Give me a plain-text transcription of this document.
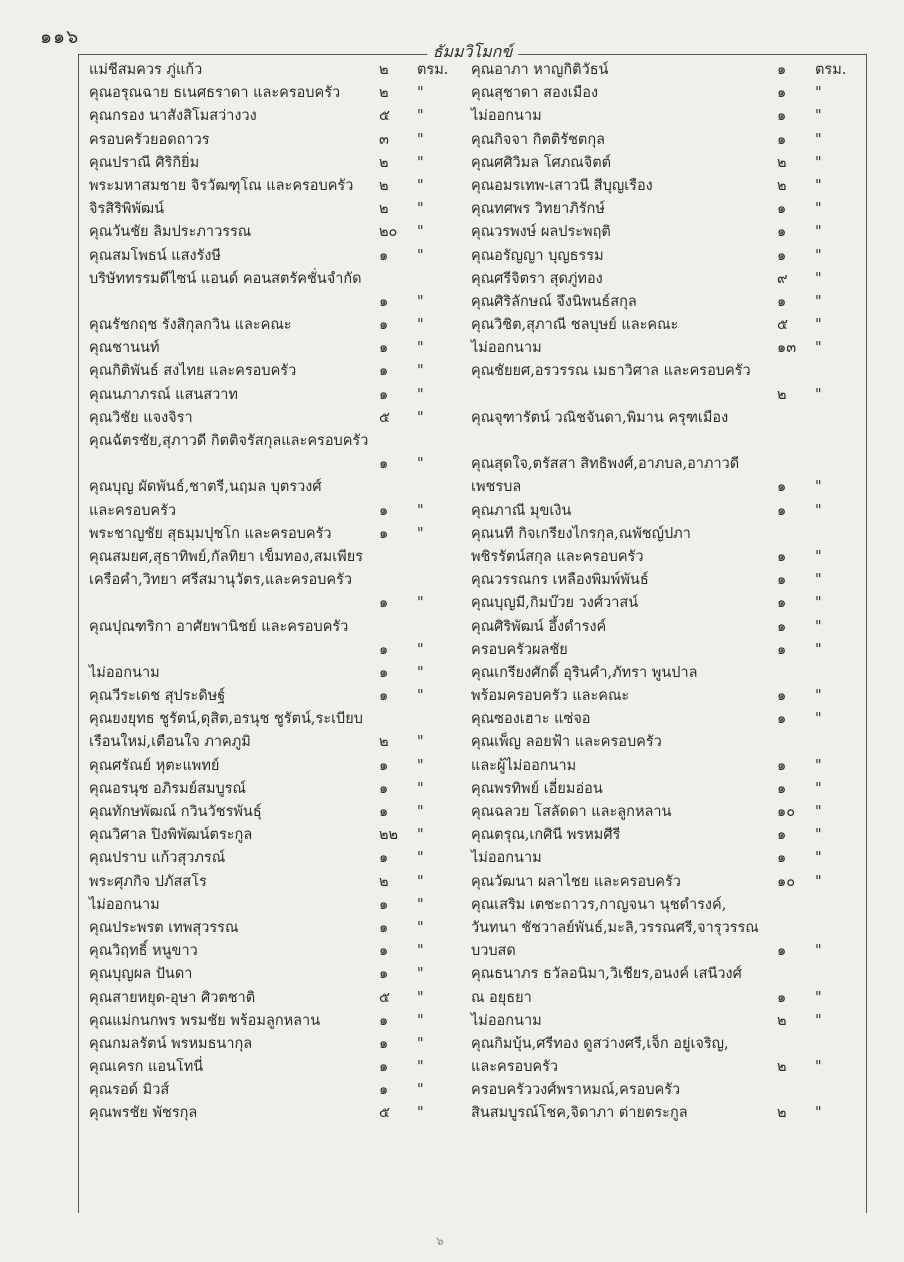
๑๑๖
ธัมมวิโมกข์
แม่ชีสมควร ภู่แก้ว	๒	ตรม.
คุณอรุณฉาย ธเนศธราดา และครอบครัว	๒	"
คุณกรอง นาสังสิโมสว่างวง	๕	"
ครอบครัวยอดถาวร	๓	"
คุณปราณี ศิริกิยิ่ม	๒	"
พระมหาสมชาย จิรวัฒฑุโณ และครอบครัว ๒	"
จิรสิริพิพัฒน์	๒	"
คุณวันชัย ลิมประภาวรรณ	๒๐	"
คุณสมโพธน์ แสงรังษี	๑	"
บริษัททรรมดีไซน์ แอนด์ คอนสตรัคชั่นจำกัด
๑	"
คุณรัชกฤช รังสิกุลกวิน และคณะ	๑	"
คุณชานนท์	๑	"
คุณกิติพันธ์ สงไทย และครอบครัว	๑	"
คุณนภาภรณ์ แสนสวาท	๑	"
คุณวิชัย แจงจิรา	๕	"
คุณฉัตรชัย,สุภาวดี กิตติจรัสกุลและครอบครัว
๑	"
คุณบุญ ผัดพันธ์,ชาตรี,นฤมล บุตรวงศ์
และครอบครัว	๑	"
พระชาญชัย สุธมฺมปุชโก และครอบครัว	๑	"
คุณสมยศ,สุธาทิพย์,กัลทิยา เข็มทอง,สมเพียร
เครือคำ,วิทยา ศรีสมานุวัตร,และครอบครัว
๑	"
คุณปุณฑริกา อาศัยพานิชย์ และครอบครัว
๑	"
ไม่ออกนาม	๑	"
คุณวีระเดช สุประดิษฐ์	๑	"
คุณยงยุทธ ชูรัตน์,ดุสิต,อรนุช ชูรัตน์,ระเบียบ
เรือนใหม่,เตือนใจ ภาคภูมิ	๒	"
คุณศรัณย์ หุตะแพทย์	๑	"
คุณอรนุช อภิรมย์สมบูรณ์	๑	"
คุณทักษพัฒณ์ กวินวัชรพันธุ์	๑	"
คุณวิศาล ปิงพิพัฒน์ตระกูล	๒๒	"
คุณปราบ แก้วสุวภรณ์	๑	"
พระศุภกิจ ปภัสสโร	๒	"
ไม่ออกนาม	๑	"
คุณประพรต เทพสุวรรณ	๑	"
คุณวิฤทธิ์ หนูขาว	๑	"
คุณบุญผล ปันดา	๑	"
คุณสายหยุด-อุษา ศิวตชาติ	๕	"
คุณแม่กนกพร พรมชัย พร้อมลูกหลาน	๑	"
คุณกมลรัตน์ พรหมธนากุล	๑	"
คุณเครก แอนโทนี่	๑	"
คุณรอด์ มิวส์	๑	"
คุณพรชัย พัชรกุล	๕	"
คุณอาภา หาญกิติวัธน์	๑	ตรม.
คุณสุชาดา สองเมือง	๑	"
ไม่ออกนาม	๑	"
คุณกิจจา กิตติรัชตกุล	๑	"
คุณศศิวิมล โศภณจิตต์	๒	"
คุณอมรเทพ-เสาวนี สีบุญเรือง	๒	"
คุณทศพร วิทยาภิรักษ์	๑	"
คุณวรพงษ์ ผลประพฤติ	๑	"
คุณอรัญญา บุญธรรม	๑	"
คุณศรีจิตรา สุดภู่ทอง	๙	"
คุณศิริลักษณ์ จึงนิพนธ์สกุล	๑	"
คุณวิชิต,สุภาณี ชลบุษย์ และคณะ	๕	"
ไม่ออกนาม	๑๓	"
คุณชัยยศ,อรวรรณ เมธาวิศาล และครอบครัว
๒	"
คุณจุฑารัตน์ วณิชจันดา,พิมาน ครุฑเมือง
คุณสุดใจ,ตรัสสา สิทธิพงศ์,อาภบล,อาภาวดี
เพชรบล	๑	"
คุณภาณี มุขเงิน	๑	"
คุณนที กิจเกรียงไกรกุล,ณพัชญ์ปภา
พชิรรัตน์สกุล และครอบครัว	๑	"
คุณวรรณกร เหลืองพิมพ์พันธ์	๑	"
คุณบุญมี,กิมบ๊วย วงศ์วาสน์	๑	"
คุณศิริพัฒน์ อึ้งดำรงค์	๑	"
ครอบครัวผลชัย	๑	"
คุณเกรียงศักดิ์ อุรินคำ,ภัทรา พูนปาล
พร้อมครอบครัว และคณะ	๑	"
คุณซองเฮาะ แซ่จอ	๑	"
คุณเพ็ญ ลอยฟ้า และครอบครัว
และผู้ไม่ออกนาม	๑	"
คุณพรทิพย์ เอี่ยมอ่อน	๑	"
คุณฉลวย โสลัดดา และลูกหลาน	๑๐	"
คุณตรุณ,เกศินี พรหมศีรี	๑	"
ไม่ออกนาม	๑	"
คุณวัฒนา ผลาไชย และครอบครัว	๑๐	"
คุณเสริม เตชะถาวร,กาญจนา นุชดำรงค์,
วันทนา ชัชวาลย์พันธ์,มะลิ,วรรณศรี,จารุวรรณ
บวบสด	๑	"
คุณธนาภร ธวัลอนิมา,วิเชียร,อนงค์ เสนีวงศ์
ณ อยุธยา	๑	"
ไม่ออกนาม	๒	"
คุณกิมบุ้น,ศรีทอง ดูสว่างศรี,เจ็ก อยู่เจริญ,
และครอบครัว	๒	"
ครอบครัววงศ์พราหมณ์,ครอบครัว
สินสมบูรณ์โชค,จิดาภา ต่ายตระกูล	๒	"
๖
